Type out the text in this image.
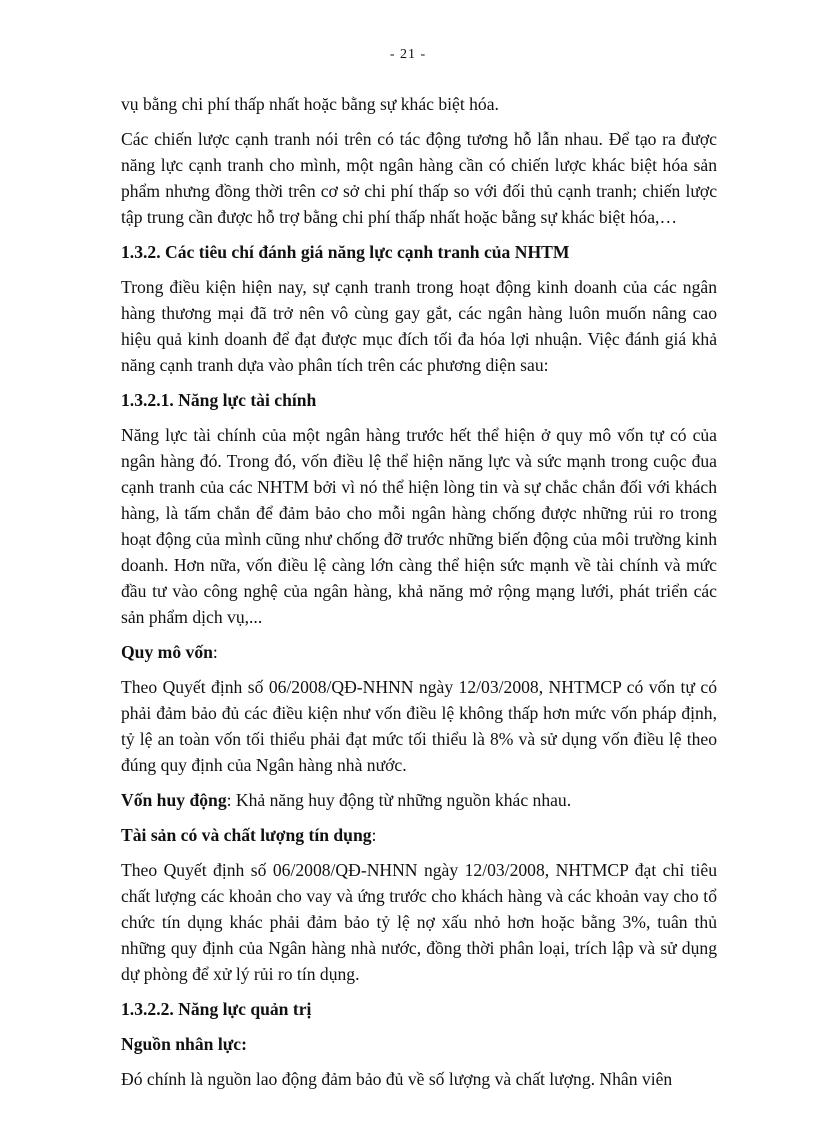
- 21 -

vụ bằng chi phí thấp nhất hoặc bằng sự khác biệt hóa.

Các chiến lược cạnh tranh nói trên có tác động tương hỗ lẫn nhau. Để tạo ra được năng lực cạnh tranh cho mình, một ngân hàng cần có chiến lược khác biệt hóa sản phẩm nhưng đồng thời trên cơ sở chi phí thấp so với đối thủ cạnh tranh; chiến lược tập trung cần được hỗ trợ bằng chi phí thấp nhất hoặc bằng sự khác biệt hóa,…

1.3.2. Các tiêu chí đánh giá năng lực cạnh tranh của NHTM

Trong điều kiện hiện nay, sự cạnh tranh trong hoạt động kinh doanh của các ngân hàng thương mại đã trở nên vô cùng gay gắt, các ngân hàng luôn muốn nâng cao hiệu quả kinh doanh để đạt được mục đích tối đa hóa lợi nhuận. Việc đánh giá khả năng cạnh tranh dựa vào phân tích trên các phương diện sau:

1.3.2.1. Năng lực tài chính

Năng lực tài chính của một ngân hàng trước hết thể hiện ở quy mô vốn tự có của ngân hàng đó. Trong đó, vốn điều lệ thể hiện năng lực và sức mạnh trong cuộc đua cạnh tranh của các NHTM bởi vì nó thể hiện lòng tin và sự chắc chắn đối với khách hàng, là tấm chắn để đảm bảo cho mỗi ngân hàng chống được những rủi ro trong hoạt động của mình cũng như chống đỡ trước những biến động của môi trường kinh doanh. Hơn nữa, vốn điều lệ càng lớn càng thể hiện sức mạnh về tài chính và mức đầu tư vào công nghệ của ngân hàng, khả năng mở rộng mạng lưới, phát triển các sản phẩm dịch vụ,...

Quy mô vốn:

Theo Quyết định số 06/2008/QĐ-NHNN ngày 12/03/2008, NHTMCP có vốn tự có phải đảm bảo đủ các điều kiện như vốn điều lệ không thấp hơn mức vốn pháp định, tỷ lệ an toàn vốn tối thiểu phải đạt mức tối thiểu là 8% và sử dụng vốn điều lệ theo đúng quy định của Ngân hàng nhà nước.

Vốn huy động: Khả năng huy động từ những nguồn khác nhau.

Tài sản có và chất lượng tín dụng:

Theo Quyết định số 06/2008/QĐ-NHNN ngày 12/03/2008, NHTMCP đạt chỉ tiêu chất lượng các khoản cho vay và ứng trước cho khách hàng và các khoản vay cho tổ chức tín dụng khác phải đảm bảo tỷ lệ nợ xấu nhỏ hơn hoặc bằng 3%, tuân thủ những quy định của Ngân hàng nhà nước, đồng thời phân loại, trích lập và sử dụng dự phòng để xử lý rủi ro tín dụng.

1.3.2.2. Năng lực quản trị

Nguồn nhân lực:

Đó chính là nguồn lao động đảm bảo đủ về số lượng và chất lượng. Nhân viên
